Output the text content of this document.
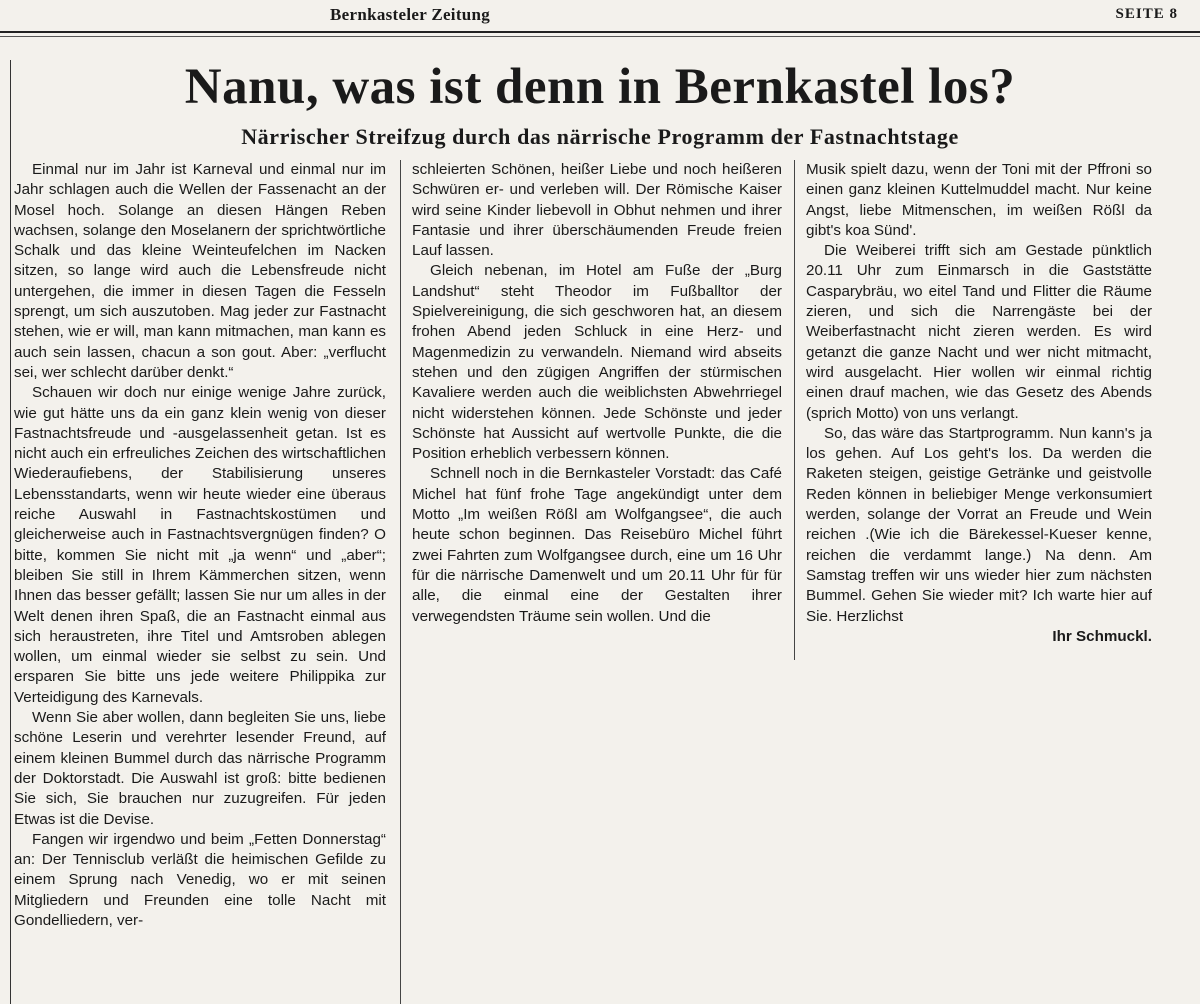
Bernkasteler Zeitung	SEITE 8
Nanu, was ist denn in Bernkastel los?
Närrischer Streifzug durch das närrische Programm der Fastnachtstage

Einmal nur im Jahr ist Karneval und einmal nur im Jahr schlagen auch die Wellen der Fassenacht an der Mosel hoch. Solange an diesen Hängen Reben wachsen, solange den Moselanern der sprichtwörtliche Schalk und das kleine Weinteufelchen im Nacken sitzen, so lange wird auch die Lebensfreude nicht untergehen, die immer in diesen Tagen die Fesseln sprengt, um sich auszutoben. Mag jeder zur Fastnacht stehen, wie er will, man kann mitmachen, man kann es auch sein lassen, chacun a son gout. Aber: „verflucht sei, wer schlecht darüber denkt.“

Schauen wir doch nur einige wenige Jahre zurück, wie gut hätte uns da ein ganz klein wenig von dieser Fastnachtsfreude und -ausgelassenheit getan. Ist es nicht auch ein erfreuliches Zeichen des wirtschaftlichen Wiederaufiebens, der Stabilisierung unseres Lebensstandarts, wenn wir heute wieder eine überaus reiche Auswahl in Fastnachtskostümen und gleicherweise auch in Fastnachtsvergnügen finden? O bitte, kommen Sie nicht mit „ja wenn“ und „aber“; bleiben Sie still in Ihrem Kämmerchen sitzen, wenn Ihnen das besser gefällt; lassen Sie nur um alles in der Welt denen ihren Spaß, die an Fastnacht einmal aus sich heraustreten, ihre Titel und Amtsroben ablegen wollen, um einmal wieder sie selbst zu sein. Und ersparen Sie bitte uns jede weitere Philippika zur Verteidigung des Karnevals.

Wenn Sie aber wollen, dann begleiten Sie uns, liebe schöne Leserin und verehrter lesender Freund, auf einem kleinen Bummel durch das närrische Programm der Doktorstadt. Die Auswahl ist groß: bitte bedienen Sie sich, Sie brauchen nur zuzugreifen. Für jeden Etwas ist die Devise.

Fangen wir irgendwo und beim „Fetten Donnerstag“ an: Der Tennisclub verläßt die heimischen Gefilde zu einem Sprung nach Venedig, wo er mit seinen Mitgliedern und Freunden eine tolle Nacht mit Gondelliedern, ver-

schleierten Schönen, heißer Liebe und noch heißeren Schwüren er- und verleben will. Der Römische Kaiser wird seine Kinder liebevoll in Obhut nehmen und ihrer Fantasie und ihrer überschäumenden Freude freien Lauf lassen.

Gleich nebenan, im Hotel am Fuße der „Burg Landshut“ steht Theodor im Fußballtor der Spielvereinigung, die sich geschworen hat, an diesem frohen Abend jeden Schluck in eine Herz- und Magenmedizin zu verwandeln. Niemand wird abseits stehen und den zügigen Angriffen der stürmischen Kavaliere werden auch die weiblichsten Abwehrriegel nicht widerstehen können. Jede Schönste und jeder Schönste hat Aussicht auf wertvolle Punkte, die die Position erheblich verbessern können.

Schnell noch in die Bernkasteler Vorstadt: das Café Michel hat fünf frohe Tage angekündigt unter dem Motto „Im weißen Rößl am Wolfgangsee“, die auch heute schon beginnen. Das Reisebüro Michel führt zwei Fahrten zum Wolfgangsee durch, eine um 16 Uhr für die närrische Damenwelt und um 20.11 Uhr für für alle, die einmal eine der Gestalten ihrer verwegendsten Träume sein wollen. Und die

Musik spielt dazu, wenn der Toni mit der Pffroni so einen ganz kleinen Kuttelmuddel macht. Nur keine Angst, liebe Mitmenschen, im weißen Rößl da gibt's koa Sünd'.

Die Weiberei trifft sich am Gestade pünktlich 20.11 Uhr zum Einmarsch in die Gaststätte Casparybräu, wo eitel Tand und Flitter die Räume zieren, und sich die Narrengäste bei der Weiberfastnacht nicht zieren werden. Es wird getanzt die ganze Nacht und wer nicht mitmacht, wird ausgelacht. Hier wollen wir einmal richtig einen drauf machen, wie das Gesetz des Abends (sprich Motto) von uns verlangt.

So, das wäre das Startprogramm. Nun kann's ja los gehen. Auf Los geht's los. Da werden die Raketen steigen, geistige Getränke und geistvolle Reden können in beliebiger Menge verkonsumiert werden, solange der Vorrat an Freude und Wein reichen .(Wie ich die Bärekessel-Kueser kenne, reichen die verdammt lange.) Na denn. Am Samstag treffen wir uns wieder hier zum nächsten Bummel. Gehen Sie wieder mit? Ich warte hier auf Sie. Herzlichst

Ihr Schmuckl.
